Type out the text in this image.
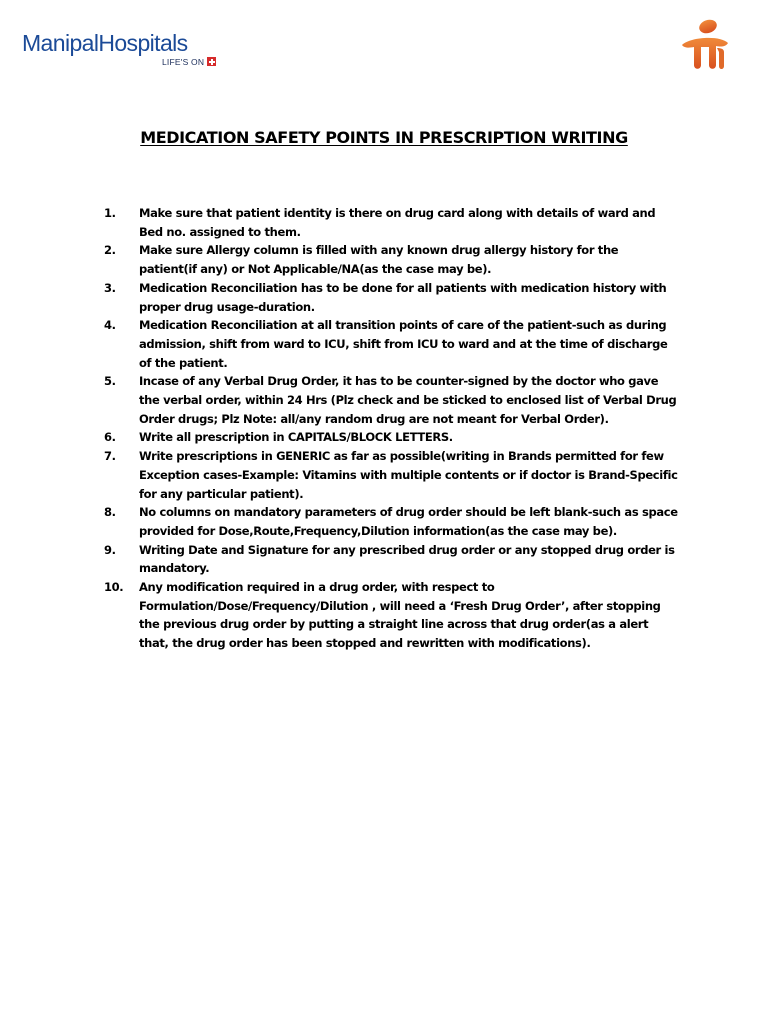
ManipalHospitals
LIFE'S ON
MEDICATION SAFETY POINTS IN PRESCRIPTION WRITING
1.	Make sure that patient identity is there on drug card along with details of ward and Bed no. assigned to them.
2.	Make sure Allergy column is filled with any known drug allergy history for the patient(if any) or Not Applicable/NA(as the case may be).
3.	Medication Reconciliation has to be done for all patients with medication history with proper drug usage-duration.
4.	Medication Reconciliation at all transition points of care of the patient-such as during admission, shift from ward to ICU, shift from ICU to ward and at the time of discharge of the patient.
5.	Incase of any Verbal Drug Order, it has to be counter-signed by the doctor who gave the verbal order, within 24 Hrs (Plz check and be sticked to enclosed list of Verbal Drug Order drugs; Plz Note: all/any random drug are not meant for Verbal Order).
6.	Write all prescription in CAPITALS/BLOCK LETTERS.
7.	Write prescriptions in GENERIC as far as possible(writing in Brands permitted for few Exception cases-Example: Vitamins with multiple contents or if doctor is Brand-Specific for any particular patient).
8.	No columns on mandatory parameters of drug order should be left blank-such as space provided for Dose,Route,Frequency,Dilution information(as the case may be).
9.	Writing Date and Signature for any prescribed drug order or any stopped drug order is mandatory.
10.	Any modification required in a drug order, with respect to Formulation/Dose/Frequency/Dilution , will need a ‘Fresh Drug Order’, after stopping the previous drug order by putting a straight line across that drug order(as a alert that, the drug order has been stopped and rewritten with modifications).
